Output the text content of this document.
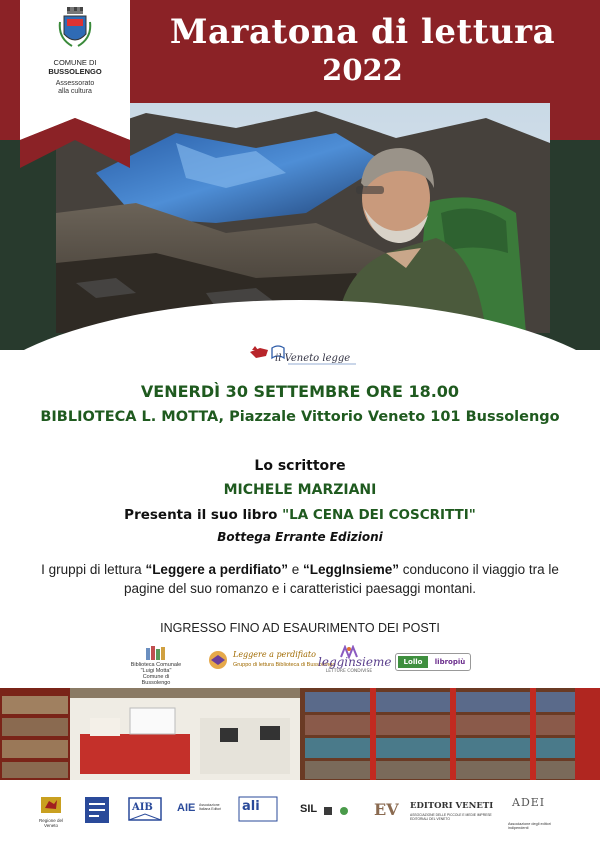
COMUNE DI
BUSSOLENGO
Assessorato
alla cultura
Maratona di lettura
2022
il Veneto legge
VENERDÌ 30 SETTEMBRE ORE 18.00
BIBLIOTECA L. MOTTA, Piazzale Vittorio Veneto 101 Bussolengo
Lo scrittore
MICHELE MARZIANI
Presenta il suo libro "LA CENA DEI COSCRITTI"
Bottega Errante Edizioni
I gruppi di lettura “Leggere a perdifiato” e “LeggInsieme” conducono il viaggio tra le pagine del suo romanzo e i caratteristici paesaggi montani.
INGRESSO FINO AD ESAURIMENTO DEI POSTI
Biblioteca Comunale
"Luigi Motta"
Comune di Bussolengo
Leggere a perdifiato
Gruppo di lettura Biblioteca di Bussolengo
legginsieme
LETTURE CONDIVISE
Lollo	libropiù
Regione del Veneto
AIB AIE	Associazione Italiana Editori ali	SIL	EV EDITORI VENETI
ASSOCIAZIONE DELLE PICCOLE E MEDIE IMPRESE EDITORIALI DEL VENETO
ADEI
Associazione degli editori indipendenti
